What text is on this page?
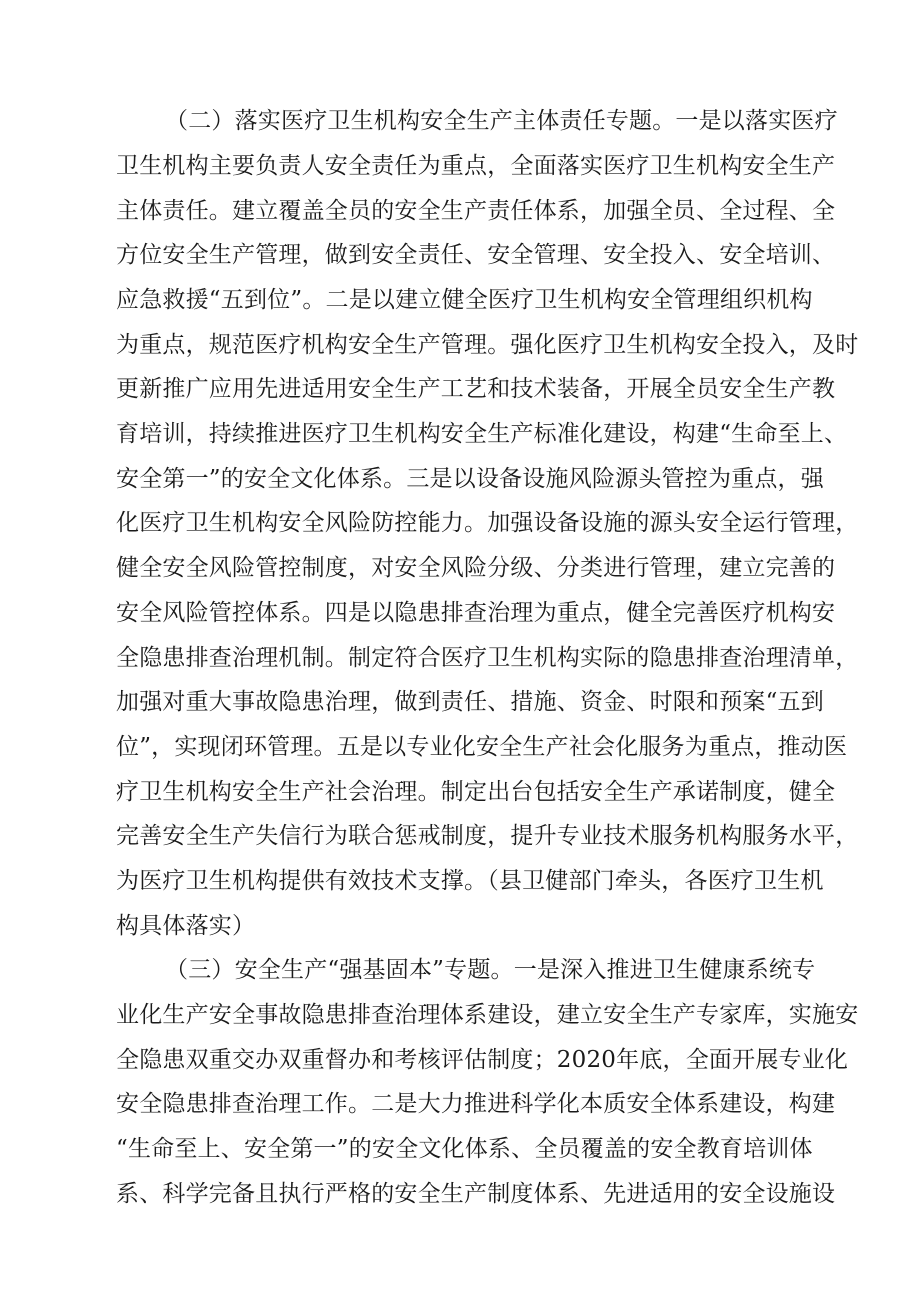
（二）落实医疗卫生机构安全生产主体责任专题。一是以落实医疗
卫生机构主要负责人安全责任为重点，全面落实医疗卫生机构安全生产
主体责任。建立覆盖全员的安全生产责任体系，加强全员、全过程、全
方位安全生产管理，做到安全责任、安全管理、安全投入、安全培训、
应急救援“五到位”。二是以建立健全医疗卫生机构安全管理组织机构
为重点，规范医疗机构安全生产管理。强化医疗卫生机构安全投入，及时
更新推广应用先进适用安全生产工艺和技术装备，开展全员安全生产教
育培训，持续推进医疗卫生机构安全生产标准化建设，构建“生命至上、
安全第一”的安全文化体系。三是以设备设施风险源头管控为重点，强
化医疗卫生机构安全风险防控能力。加强设备设施的源头安全运行管理，
健全安全风险管控制度，对安全风险分级、分类进行管理，建立完善的
安全风险管控体系。四是以隐患排查治理为重点，健全完善医疗机构安
全隐患排查治理机制。制定符合医疗卫生机构实际的隐患排查治理清单，
加强对重大事故隐患治理，做到责任、措施、资金、时限和预案“五到
位”，实现闭环管理。五是以专业化安全生产社会化服务为重点，推动医
疗卫生机构安全生产社会治理。制定出台包括安全生产承诺制度，健全
完善安全生产失信行为联合惩戒制度，提升专业技术服务机构服务水平，
为医疗卫生机构提供有效技术支撑。（县卫健部门牵头，各医疗卫生机
构具体落实）
（三）安全生产“强基固本”专题。一是深入推进卫生健康系统专
业化生产安全事故隐患排查治理体系建设，建立安全生产专家库，实施安
全隐患双重交办双重督办和考核评估制度；2020年底，全面开展专业化
安全隐患排查治理工作。二是大力推进科学化本质安全体系建设，构建
“生命至上、安全第一”的安全文化体系、全员覆盖的安全教育培训体
系、科学完备且执行严格的安全生产制度体系、先进适用的安全设施设
